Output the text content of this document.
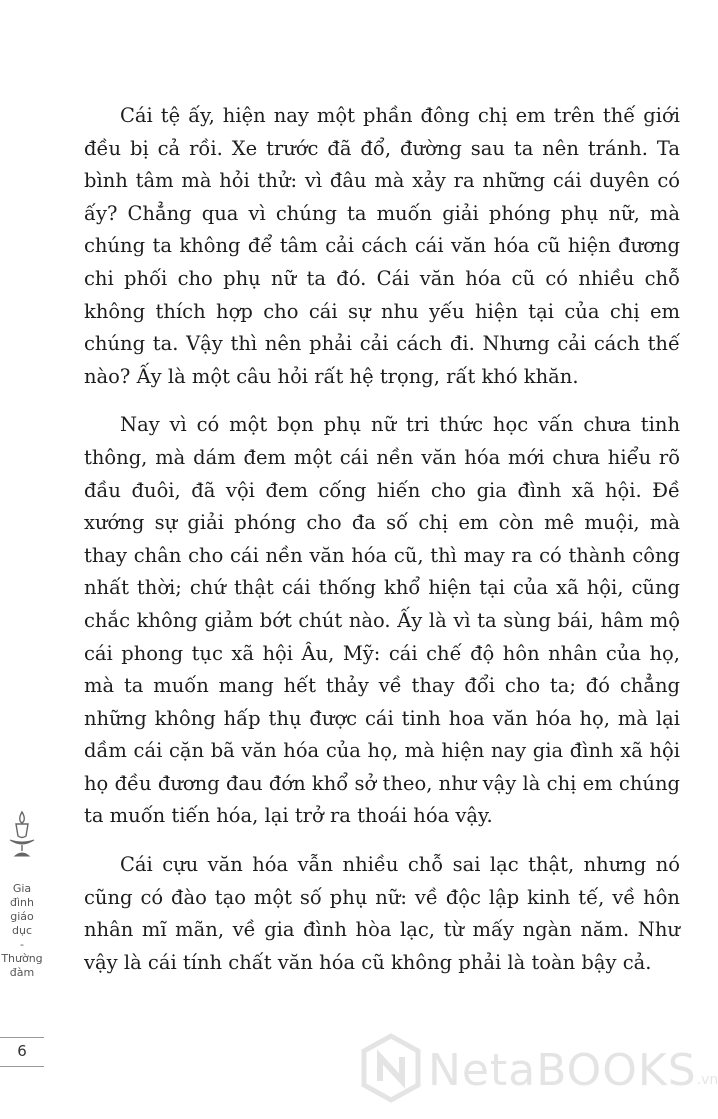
Cái tệ ấy, hiện nay một phần đông chị em trên thế giới đều bị cả rồi. Xe trước đã đổ, đường sau ta nên tránh. Ta bình tâm mà hỏi thử: vì đâu mà xảy ra những cái duyên có ấy? Chẳng qua vì chúng ta muốn giải phóng phụ nữ, mà chúng ta không để tâm cải cách cái văn hóa cũ hiện đương chi phối cho phụ nữ ta đó. Cái văn hóa cũ có nhiều chỗ không thích hợp cho cái sự nhu yếu hiện tại của chị em chúng ta. Vậy thì nên phải cải cách đi. Nhưng cải cách thế nào? Ấy là một câu hỏi rất hệ trọng, rất khó khăn.

Nay vì có một bọn phụ nữ tri thức học vấn chưa tinh thông, mà dám đem một cái nền văn hóa mới chưa hiểu rõ đầu đuôi, đã vội đem cống hiến cho gia đình xã hội. Đề xướng sự giải phóng cho đa số chị em còn mê muội, mà thay chân cho cái nền văn hóa cũ, thì may ra có thành công nhất thời; chứ thật cái thống khổ hiện tại của xã hội, cũng chắc không giảm bớt chút nào. Ấy là vì ta sùng bái, hâm mộ cái phong tục xã hội Âu, Mỹ: cái chế độ hôn nhân của họ, mà ta muốn mang hết thảy về thay đổi cho ta; đó chẳng những không hấp thụ được cái tinh hoa văn hóa họ, mà lại dầm cái cặn bã văn hóa của họ, mà hiện nay gia đình xã hội họ đều đương đau đớn khổ sở theo, như vậy là chị em chúng ta muốn tiến hóa, lại trở ra thoái hóa vậy.

Cái cựu văn hóa vẫn nhiều chỗ sai lạc thật, nhưng nó cũng có đào tạo một số phụ nữ: về độc lập kinh tế, về hôn nhân mĩ mãn, về gia đình hòa lạc, từ mấy ngàn năm. Như vậy là cái tính chất văn hóa cũ không phải là toàn bậy cả.

Gia
đình
giáo
dục
-
Thường
đàm
6	NetaBOOKS .vn
